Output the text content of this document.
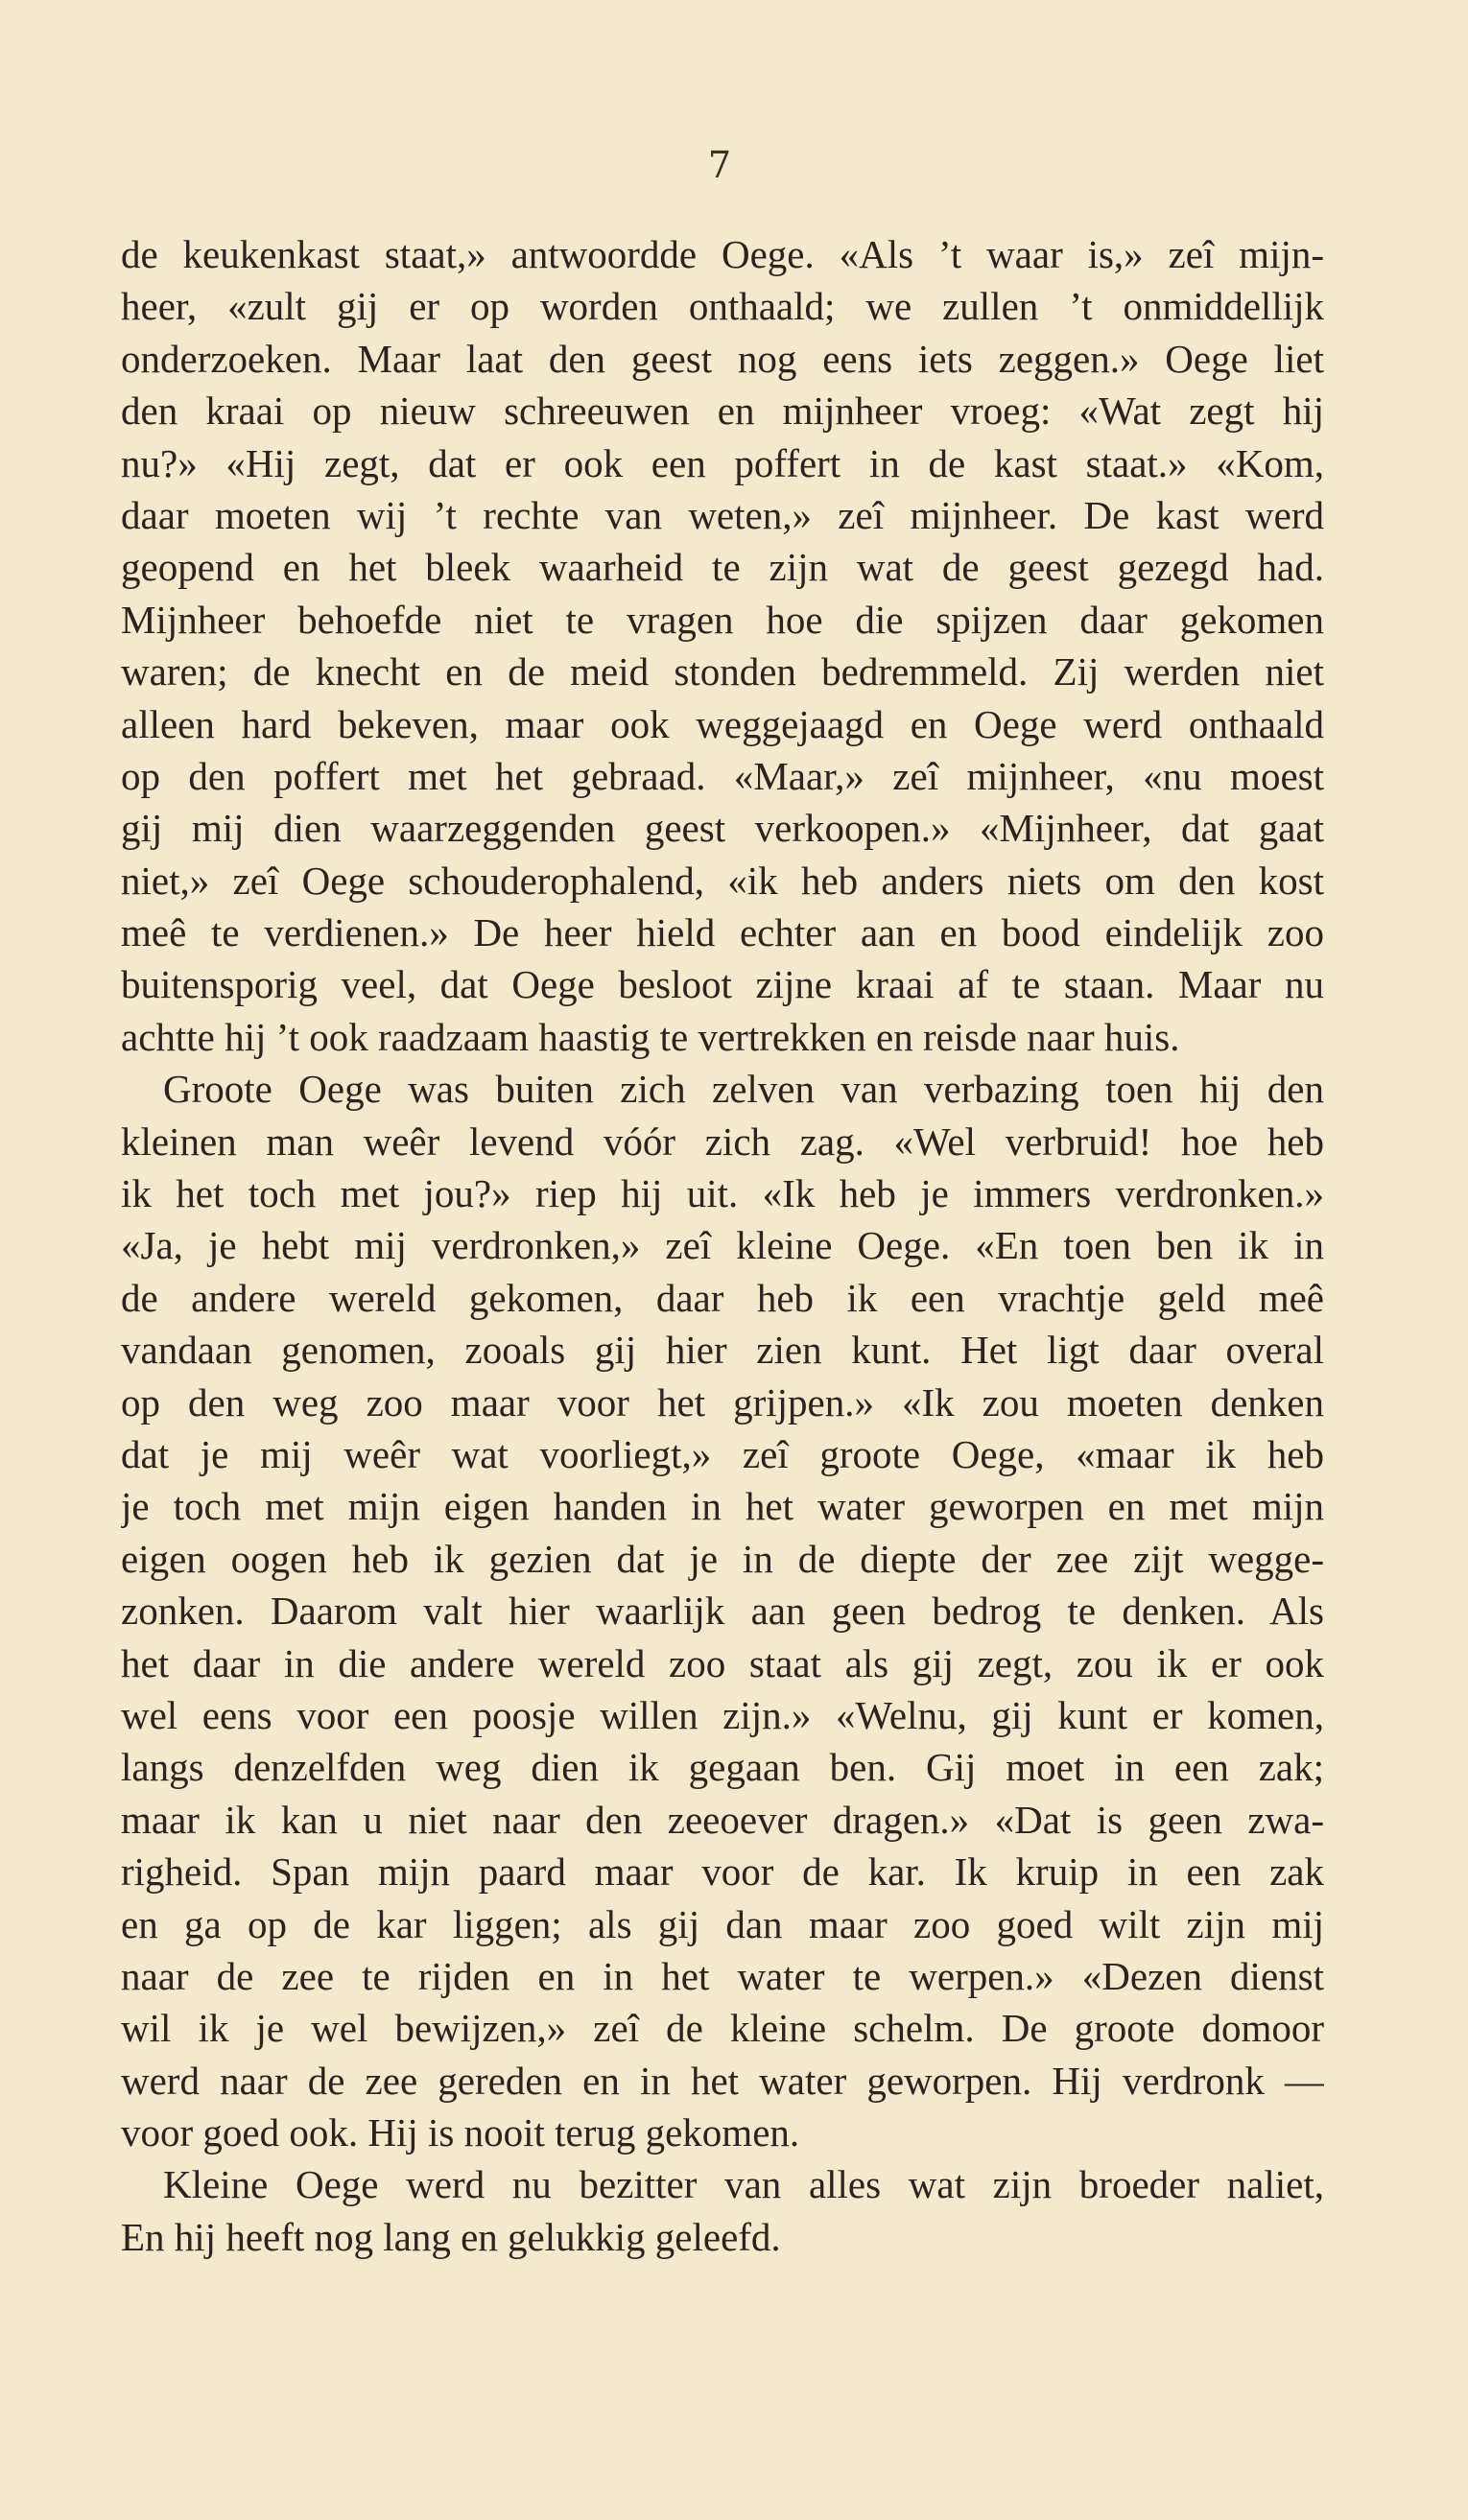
7
de keukenkast staat,» antwoordde Oege. «Als ’t waar is,» zeî mijn-
heer, «zult gij er op worden onthaald; we zullen ’t onmiddellijk
onderzoeken. Maar laat den geest nog eens iets zeggen.» Oege liet
den kraai op nieuw schreeuwen en mijnheer vroeg: «Wat zegt hij
nu?» «Hij zegt, dat er ook een poffert in de kast staat.» «Kom,
daar moeten wij ’t rechte van weten,» zeî mijnheer. De kast werd
geopend en het bleek waarheid te zijn wat de geest gezegd had.
Mijnheer behoefde niet te vragen hoe die spijzen daar gekomen
waren; de knecht en de meid stonden bedremmeld. Zij werden niet
alleen hard bekeven, maar ook weggejaagd en Oege werd onthaald
op den poffert met het gebraad. «Maar,» zeî mijnheer, «nu moest
gij mij dien waarzeggenden geest verkoopen.» «Mijnheer, dat gaat
niet,» zeî Oege schouderophalend, «ik heb anders niets om den kost
meê te verdienen.» De heer hield echter aan en bood eindelijk zoo
buitensporig veel, dat Oege besloot zijne kraai af te staan. Maar nu
achtte hij ’t ook raadzaam haastig te vertrekken en reisde naar huis.
Groote Oege was buiten zich zelven van verbazing toen hij den
kleinen man weêr levend vóór zich zag. «Wel verbruid! hoe heb
ik het toch met jou?» riep hij uit. «Ik heb je immers verdronken.»
«Ja, je hebt mij verdronken,» zeî kleine Oege. «En toen ben ik in
de andere wereld gekomen, daar heb ik een vrachtje geld meê
vandaan genomen, zooals gij hier zien kunt. Het ligt daar overal
op den weg zoo maar voor het grijpen.» «Ik zou moeten denken
dat je mij weêr wat voorliegt,» zeî groote Oege, «maar ik heb
je toch met mijn eigen handen in het water geworpen en met mijn
eigen oogen heb ik gezien dat je in de diepte der zee zijt wegge-
zonken. Daarom valt hier waarlijk aan geen bedrog te denken. Als
het daar in die andere wereld zoo staat als gij zegt, zou ik er ook
wel eens voor een poosje willen zijn.» «Welnu, gij kunt er komen,
langs denzelfden weg dien ik gegaan ben. Gij moet in een zak;
maar ik kan u niet naar den zeeoever dragen.» «Dat is geen zwa-
righeid. Span mijn paard maar voor de kar. Ik kruip in een zak
en ga op de kar liggen; als gij dan maar zoo goed wilt zijn mij
naar de zee te rijden en in het water te werpen.» «Dezen dienst
wil ik je wel bewijzen,» zeî de kleine schelm. De groote domoor
werd naar de zee gereden en in het water geworpen. Hij verdronk —
voor goed ook. Hij is nooit terug gekomen.
Kleine Oege werd nu bezitter van alles wat zijn broeder naliet,
En hij heeft nog lang en gelukkig geleefd.
